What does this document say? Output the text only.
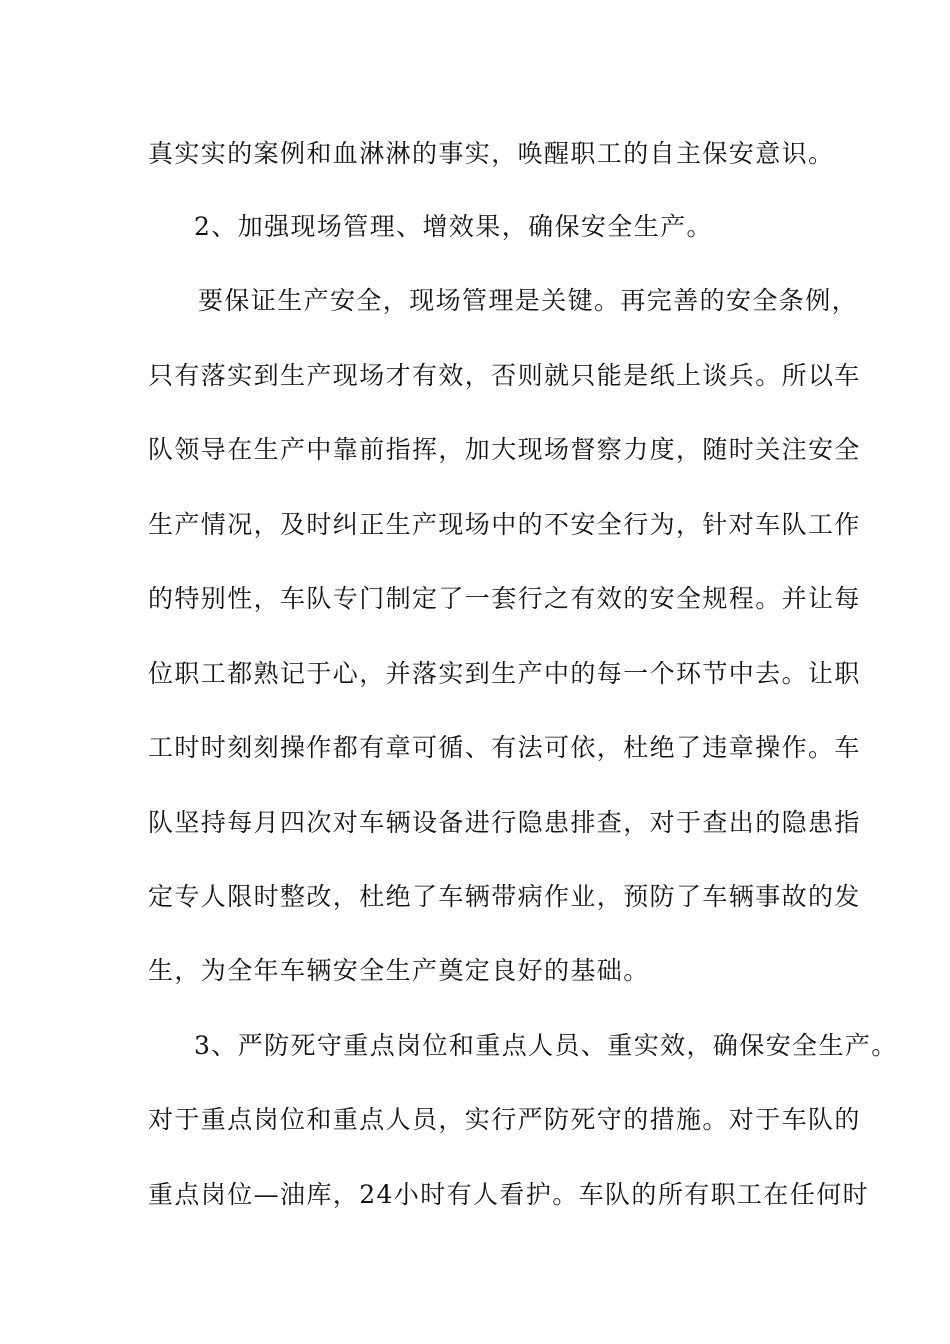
真实实的案例和血淋淋的事实，唤醒职工的自主保安意识。
2、加强现场管理、增效果，确保安全生产。
要保证生产安全，现场管理是关键。再完善的安全条例，
只有落实到生产现场才有效，否则就只能是纸上谈兵。所以车
队领导在生产中靠前指挥，加大现场督察力度，随时关注安全
生产情况，及时纠正生产现场中的不安全行为，针对车队工作
的特别性，车队专门制定了一套行之有效的安全规程。并让每
位职工都熟记于心，并落实到生产中的每一个环节中去。让职
工时时刻刻操作都有章可循、有法可依，杜绝了违章操作。车
队坚持每月四次对车辆设备进行隐患排查，对于查出的隐患指
定专人限时整改，杜绝了车辆带病作业，预防了车辆事故的发
生，为全年车辆安全生产奠定良好的基础。
3、严防死守重点岗位和重点人员、重实效，确保安全生产。
对于重点岗位和重点人员，实行严防死守的措施。对于车队的
重点岗位—油库，24小时有人看护。车队的所有职工在任何时
